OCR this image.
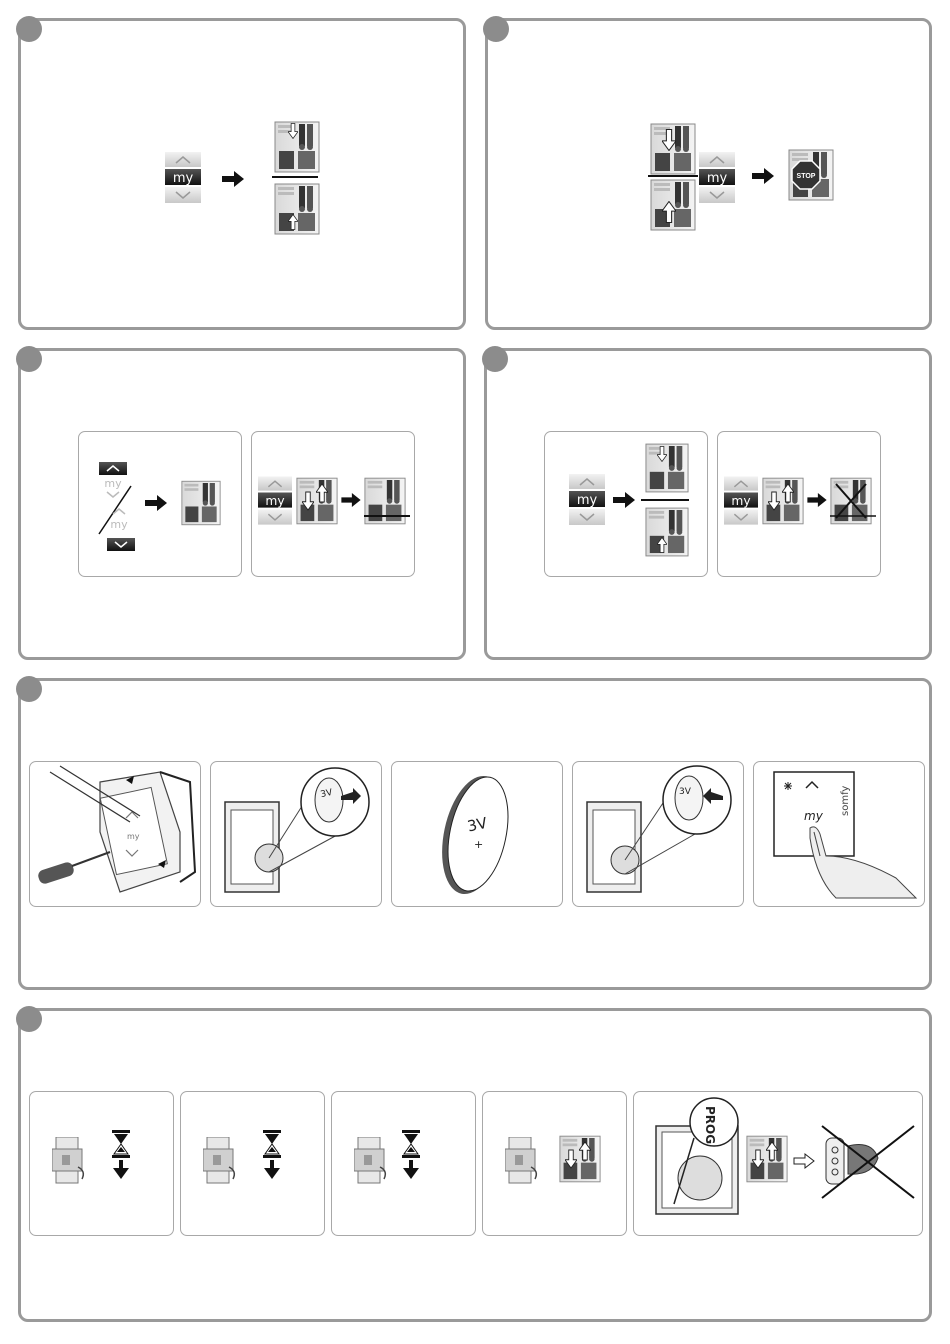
STOP
my
my
my
3V
3V
+
3V
my somfy
PROG
